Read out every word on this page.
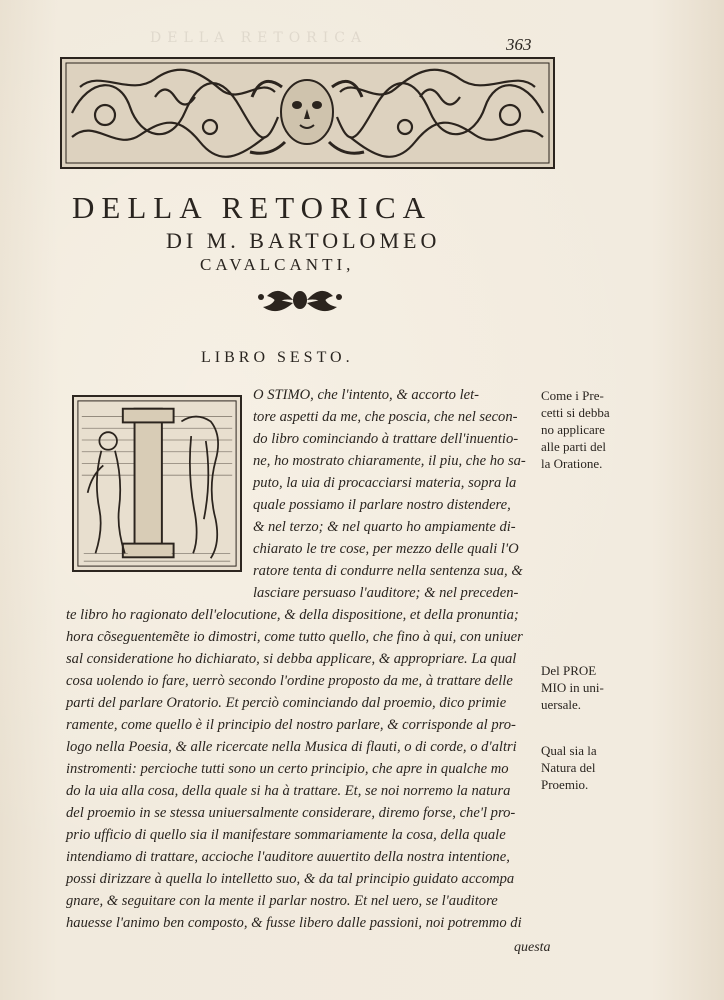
DELLA RETORICA	363
DELLA RETORICA
DI M. BARTOLOMEO
CAVALCANTI,
LIBRO SESTO.
O STIMO, che l'intento, & accorto let-
tore aspetti da me, che poscia, che nel secon-
do libro cominciando à trattare dell'inuentio-
ne, ho mostrato chiaramente, il piu, che ho sa-
puto, la uia di procacciarsi materia, sopra la
quale possiamo il parlare nostro distendere,
& nel terzo; & nel quarto ho ampiamente di-
chiarato le tre cose, per mezzo delle quali l'O
ratore tenta di condurre nella sentenza sua, &
lasciare persuaso l'auditore; & nel preceden-
te libro ho ragionato dell'elocutione, & della dispositione, et della pronuntia;
hora cõseguentemẽte io dimostri, come tutto quello, che fino à qui, con uniuer
sal consideratione ho dichiarato, si debba applicare, & appropriare. La qual
cosa uolendo io fare, uerrò secondo l'ordine proposto da me, à trattare delle
parti del parlare Oratorio. Et perciò cominciando dal proemio, dico primie
ramente, come quello è il principio del nostro parlare, & corrisponde al pro-
logo nella Poesia, & alle ricercate nella Musica di flauti, o di corde, o d'altri
instromenti: percioche tutti sono un certo principio, che apre in qualche mo
do la uia alla cosa, della quale si ha à trattare. Et, se noi norremo la natura
del proemio in se stessa uniuersalmente considerare, diremo forse, che'l pro-
prio ufficio di quello sia il manifestare sommariamente la cosa, della quale
intendiamo di trattare, accioche l'auditore auuertito della nostra intentione,
possi dirizzare à quella lo intelletto suo, & da tal principio guidato accompa
gnare, & seguitare con la mente il parlar nostro. Et nel uero, se l'auditore
hauesse l'animo ben composto, & fusse libero dalle passioni, noi potremmo di
questa
Come i Pre-
cetti si debba
no applicare
alle parti del
la Oratione.
Del PROE
MIO in uni-
uersale.
Qual sia la
Natura del
Proemio.
